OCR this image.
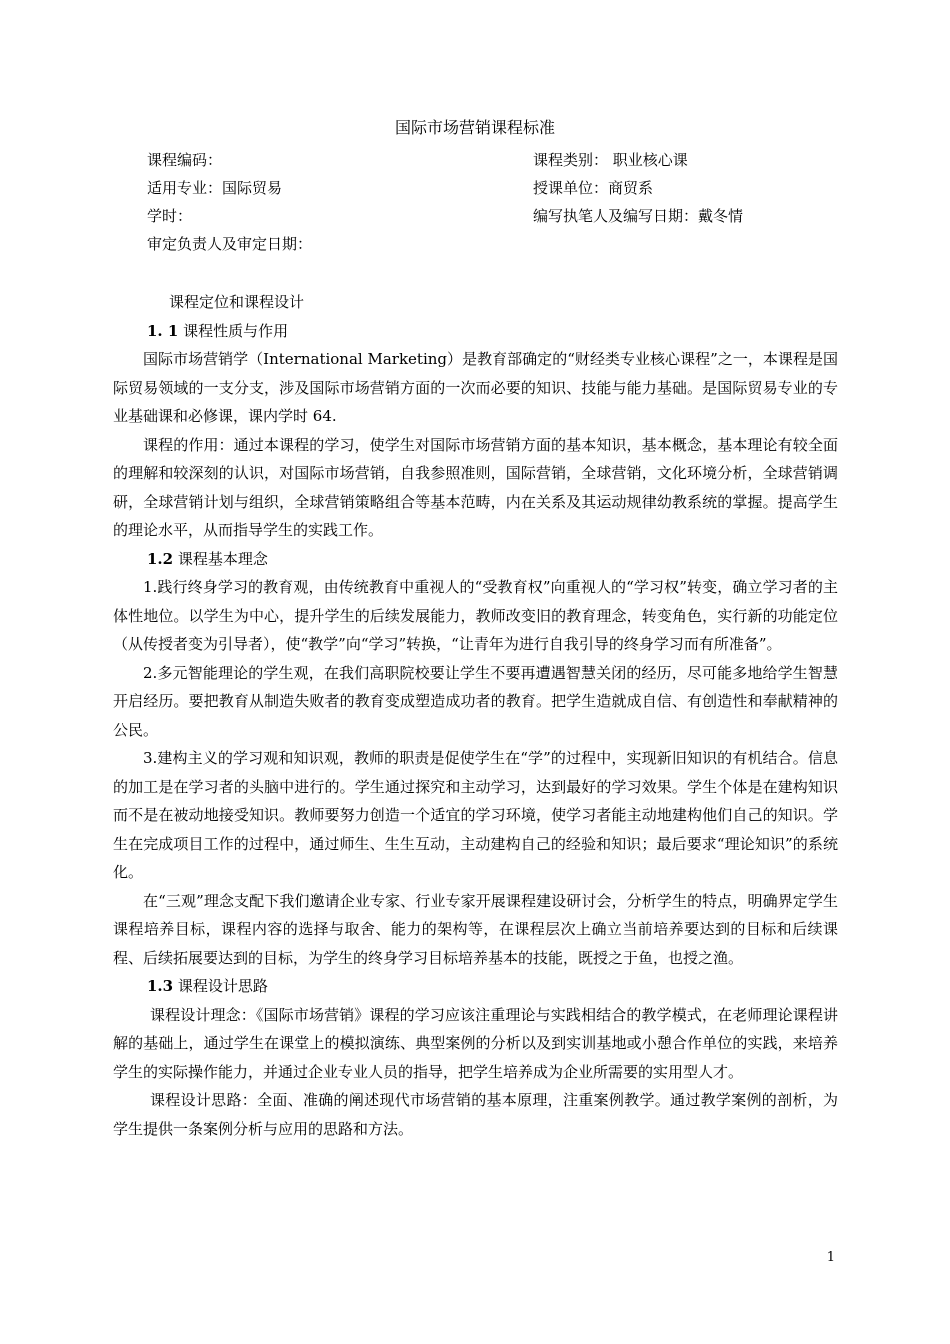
国际市场营销课程标准
课程编码：	课程类别： 职业核心课
适用专业：国际贸易	授课单位：商贸系
学时：	编写执笔人及编写日期：戴冬情
审定负责人及审定日期：

课程定位和课程设计

1. 1 课程性质与作用

国际市场营销学（International Marketing）是教育部确定的“财经类专业核心课程”之一，本课程是国际贸易领域的一支分支，涉及国际市场营销方面的一次而必要的知识、技能与能力基础。是国际贸易专业的专业基础课和必修课，课内学时 64.

课程的作用：通过本课程的学习，使学生对国际市场营销方面的基本知识，基本概念，基本理论有较全面的理解和较深刻的认识，对国际市场营销，自我参照准则，国际营销，全球营销，文化环境分析，全球营销调研，全球营销计划与组织，全球营销策略组合等基本范畴，内在关系及其运动规律幼教系统的掌握。提高学生的理论水平，从而指导学生的实践工作。

1.2 课程基本理念

1.践行终身学习的教育观，由传统教育中重视人的“受教育权”向重视人的“学习权”转变，确立学习者的主体性地位。以学生为中心，提升学生的后续发展能力，教师改变旧的教育理念，转变角色，实行新的功能定位（从传授者变为引导者），使“教学”向“学习”转换，“让青年为进行自我引导的终身学习而有所准备”。

2.多元智能理论的学生观，在我们高职院校要让学生不要再遭遇智慧关闭的经历，尽可能多地给学生智慧开启经历。要把教育从制造失败者的教育变成塑造成功者的教育。把学生造就成自信、有创造性和奉献精神的公民。

3.建构主义的学习观和知识观，教师的职责是促使学生在“学”的过程中，实现新旧知识的有机结合。信息的加工是在学习者的头脑中进行的。学生通过探究和主动学习，达到最好的学习效果。学生个体是在建构知识而不是在被动地接受知识。教师要努力创造一个适宜的学习环境，使学习者能主动地建构他们自己的知识。学生在完成项目工作的过程中，通过师生、生生互动，主动建构自己的经验和知识；最后要求“理论知识”的系统化。

在“三观”理念支配下我们邀请企业专家、行业专家开展课程建设研讨会，分析学生的特点，明确界定学生课程培养目标，课程内容的选择与取舍、能力的架构等，在课程层次上确立当前培养要达到的目标和后续课程、后续拓展要达到的目标，为学生的终身学习目标培养基本的技能，既授之于鱼，也授之渔。

1.3 课程设计思路

课程设计理念：《国际市场营销》课程的学习应该注重理论与实践相结合的教学模式，在老师理论课程讲解的基础上，通过学生在课堂上的模拟演练、典型案例的分析以及到实训基地或小憩合作单位的实践，来培养学生的实际操作能力，并通过企业专业人员的指导，把学生培养成为企业所需要的实用型人才。

课程设计思路：全面、准确的阐述现代市场营销的基本原理，注重案例教学。通过教学案例的剖析，为学生提供一条案例分析与应用的思路和方法。

1
